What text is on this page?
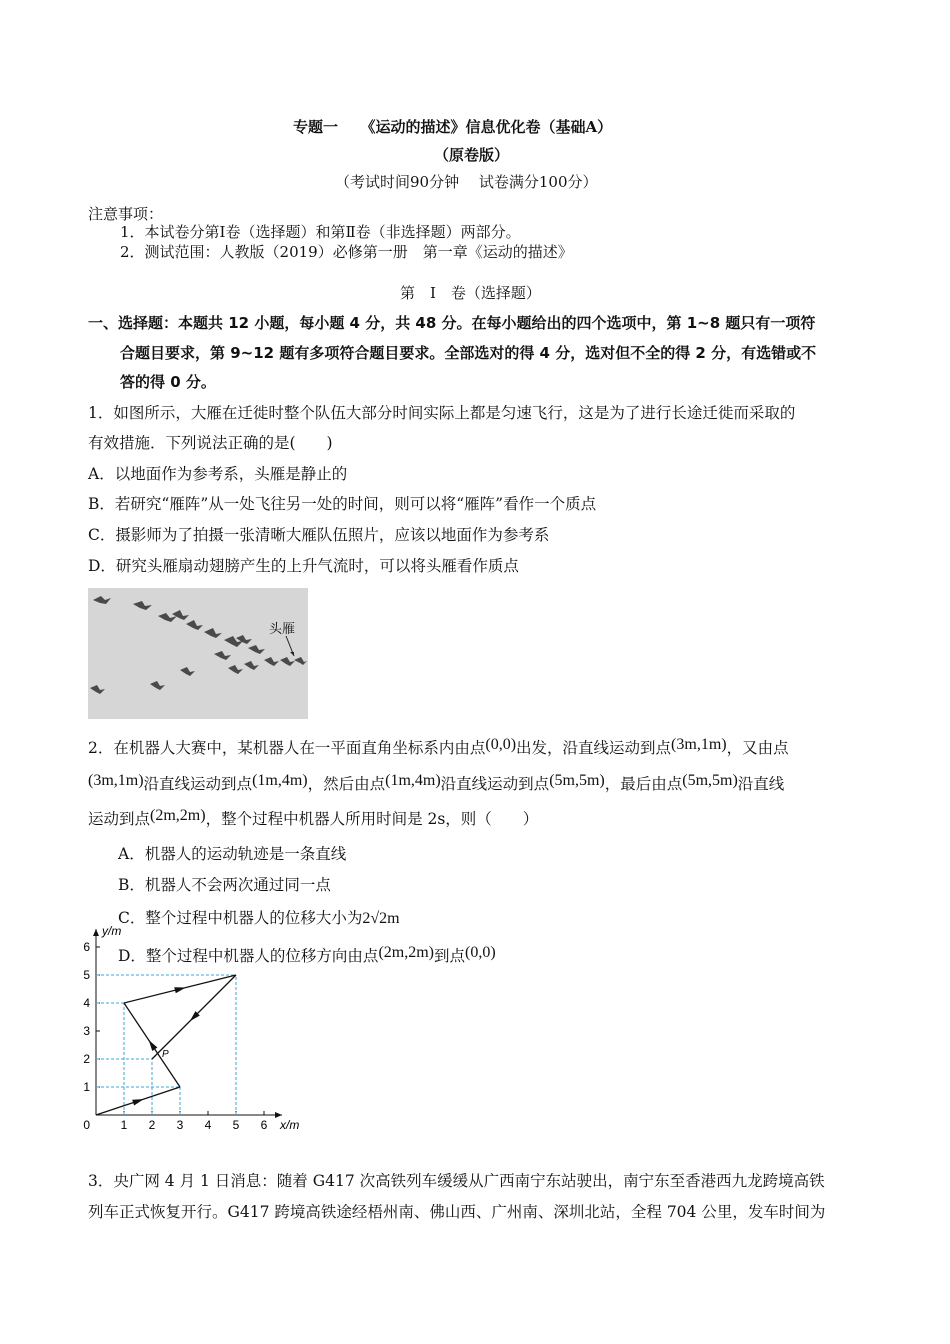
专题一　　《运动的描述》信息优化卷（基础A）
（原卷版）
（考试时间90分钟　 试卷满分100分）
注意事项：
1．本试卷分第Ⅰ卷（选择题）和第Ⅱ卷（非选择题）两部分。
2．测试范围：人教版（2019）必修第一册　第一章《运动的描述》
第　Ⅰ　卷（选择题）
一、选择题：本题共 12 小题，每小题 4 分，共 48 分。在每小题给出的四个选项中，第 1~8 题只有一项符
合题目要求，第 9~12 题有多项符合题目要求。全部选对的得 4 分，选对但不全的得 2 分，有选错或不
答的得 0 分。
1．如图所示，大雁在迁徙时整个队伍大部分时间实际上都是匀速飞行，这是为了进行长途迁徙而采取的
有效措施．下列说法正确的是(　　)
A．以地面作为参考系，头雁是静止的
B．若研究“雁阵”从一处飞往另一处的时间，则可以将“雁阵”看作一个质点
C．摄影师为了拍摄一张清晰大雁队伍照片，应该以地面作为参考系
D．研究头雁扇动翅膀产生的上升气流时，可以将头雁看作质点
头雁
2．在机器人大赛中，某机器人在一平面直角坐标系内由点(0,0)出发，沿直线运动到点(3m,1m)，又由点
(3m,1m)沿直线运动到点(1m,4m)，然后由点(1m,4m)沿直线运动到点(5m,5m)，最后由点(5m,5m)沿直线
运动到点(2m,2m)，整个过程中机器人所用时间是 2s，则（　　）
A．机器人的运动轨迹是一条直线
B．机器人不会两次通过同一点
C．整个过程中机器人的位移大小为2√2m
D．整个过程中机器人的位移方向由点(2m,2m)到点(0,0)
1 2 3 4 5 6
1
2
3
4
5
6
0	x/m
y/m
P
3．央广网 4 月 1 日消息：随着 G417 次高铁列车缓缓从广西南宁东站驶出，南宁东至香港西九龙跨境高铁
列车正式恢复开行。G417 跨境高铁途经梧州南、佛山西、广州南、深圳北站，全程 704 公里，发车时间为
